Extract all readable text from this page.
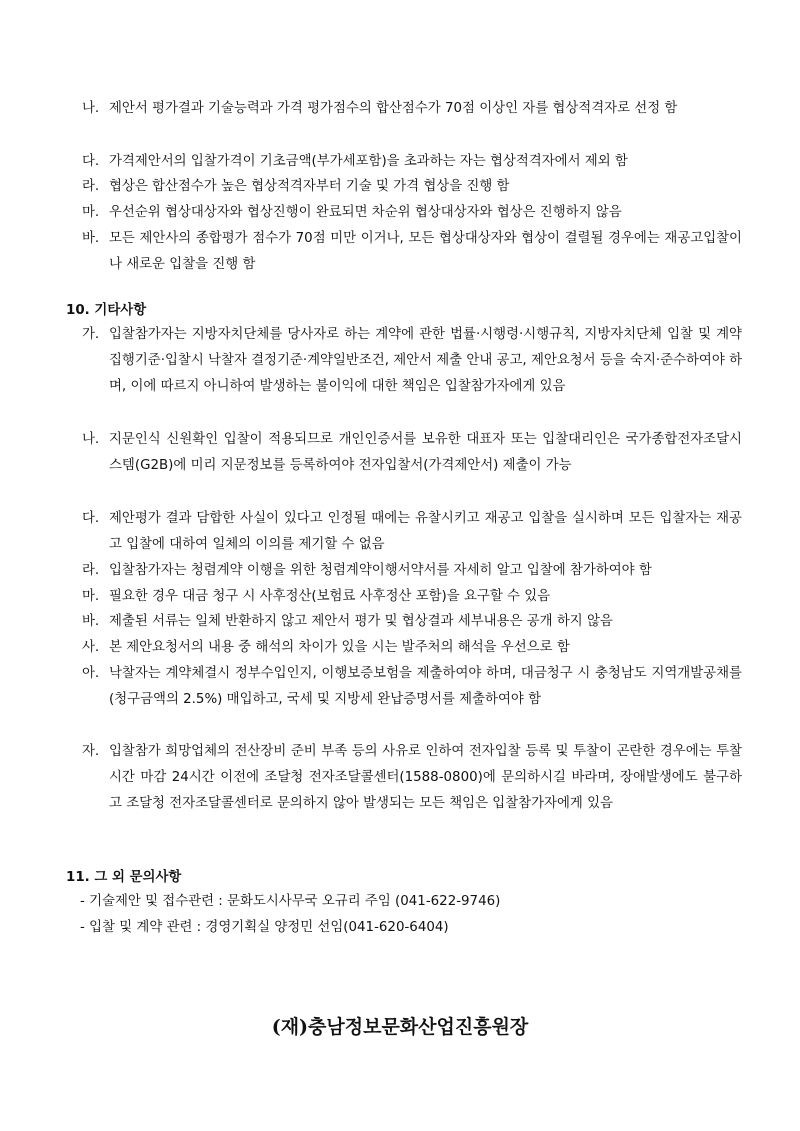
나. 제안서 평가결과 기술능력과 가격 평가점수의 합산점수가 70점 이상인 자를 협상적격자로 선정 함
다. 가격제안서의 입찰가격이 기초금액(부가세포함)을 초과하는 자는 협상적격자에서 제외 함
라. 협상은 합산점수가 높은 협상적격자부터 기술 및 가격 협상을 진행 함
마. 우선순위 협상대상자와 협상진행이 완료되면 차순위 협상대상자와 협상은 진행하지 않음
바. 모든 제안사의 종합평가 점수가 70점 미만 이거나, 모든 협상대상자와 협상이 결렬될 경우에는 재공고입찰이나 새로운 입찰을 진행 함
10. 기타사항
가. 입찰참가자는 지방자치단체를 당사자로 하는 계약에 관한 법률·시행령·시행규칙, 지방자치단체 입찰 및 계약 집행기준·입찰시 낙찰자 결정기준·계약일반조건, 제안서 제출 안내 공고, 제안요청서 등을 숙지·준수하여야 하며, 이에 따르지 아니하여 발생하는 불이익에 대한 책임은 입찰참가자에게 있음
나. 지문인식 신원확인 입찰이 적용되므로 개인인증서를 보유한 대표자 또는 입찰대리인은 국가종합전자조달시스템(G2B)에 미리 지문정보를 등록하여야 전자입찰서(가격제안서) 제출이 가능
다. 제안평가 결과 담합한 사실이 있다고 인정될 때에는 유찰시키고 재공고 입찰을 실시하며 모든 입찰자는 재공고 입찰에 대하여 일체의 이의를 제기할 수 없음
라. 입찰참가자는 청렴계약 이행을 위한 청렴계약이행서약서를 자세히 알고 입찰에 참가하여야 함
마. 필요한 경우 대금 청구 시 사후정산(보험료 사후정산 포함)을 요구할 수 있음
바. 제출된 서류는 일체 반환하지 않고 제안서 평가 및 협상결과 세부내용은 공개 하지 않음
사. 본 제안요청서의 내용 중 해석의 차이가 있을 시는 발주처의 해석을 우선으로 함
아. 낙찰자는 계약체결시 정부수입인지, 이행보증보험을 제출하여야 하며, 대금청구 시 충청남도 지역개발공채를(청구금액의 2.5%) 매입하고, 국세 및 지방세 완납증명서를 제출하여야 함
자. 입찰참가 희망업체의 전산장비 준비 부족 등의 사유로 인하여 전자입찰 등록 및 투찰이 곤란한 경우에는 투찰시간 마감 24시간 이전에 조달청 전자조달콜센터(1588-0800)에 문의하시길 바라며, 장애발생에도 불구하고 조달청 전자조달콜센터로 문의하지 않아 발생되는 모든 책임은 입찰참가자에게 있음
11. 그 외 문의사항
- 기술제안 및 접수관련 : 문화도시사무국 오규리 주임 (041-622-9746)
- 입찰 및 계약 관련 : 경영기획실 양정민 선임(041-620-6404)
(재)충남정보문화산업진흥원장
